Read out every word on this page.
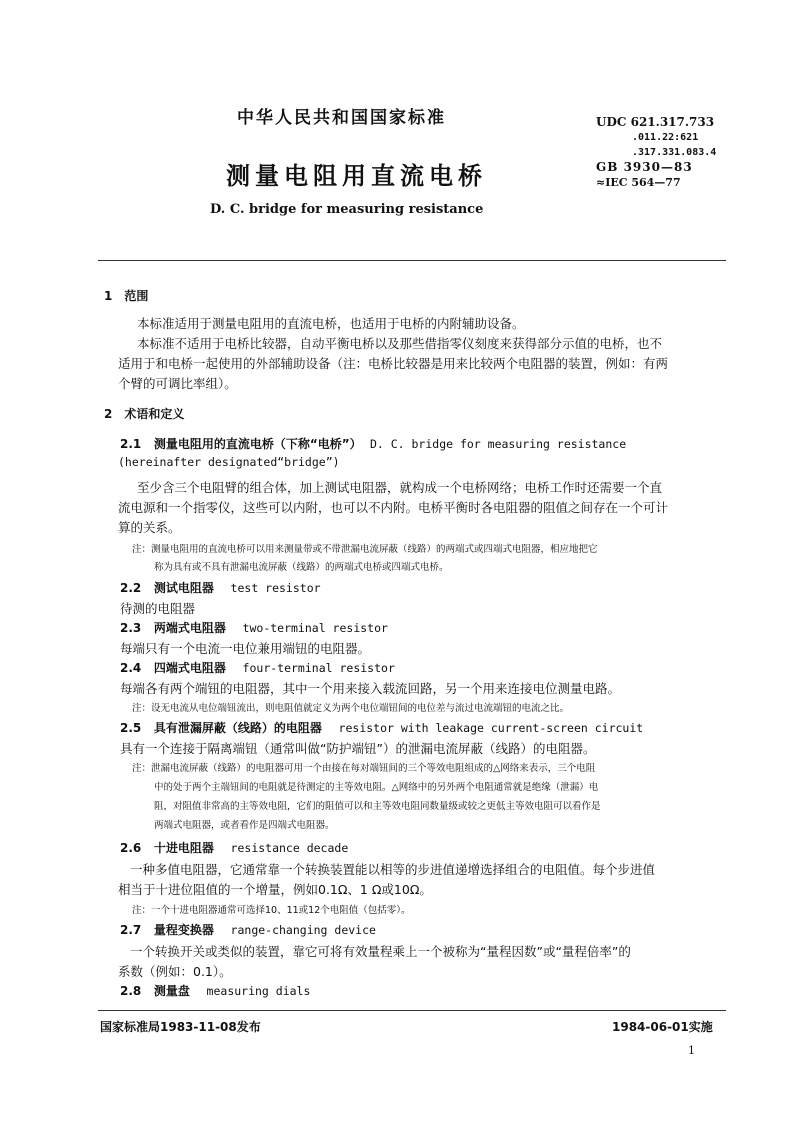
中华人民共和国国家标准
测量电阻用直流电桥
D. C. bridge for measuring resistance
UDC 621.317.733
.011.22:621
.317.331.083.4
GB 3930—83
≈IEC 564—77
1　范围
本标准适用于测量电阻用的直流电桥，也适用于电桥的内附辅助设备。
本标准不适用于电桥比较器，自动平衡电桥以及那些借指零仪刻度来获得部分示值的电桥，也不
适用于和电桥一起使用的外部辅助设备（注：电桥比较器是用来比较两个电阻器的装置，例如：有两
个臂的可调比率组）。
2　术语和定义
2.1 测量电阻用的直流电桥（下称“电桥”） D. C. bridge for measuring resistance
(hereinafter designated“bridge”)
至少含三个电阻臂的组合体，加上测试电阻器，就构成一个电桥网络；电桥工作时还需要一个直
流电源和一个指零仪，这些可以内附，也可以不内附。电桥平衡时各电阻器的阻值之间存在一个可计
算的关系。
注：测量电阻用的直流电桥可以用来测量带或不带泄漏电流屏蔽（线路）的两端式或四端式电阻器，相应地把它
称为具有或不具有泄漏电流屏蔽（线路）的两端式电桥或四端式电桥。
2.2 测试电阻器 test resistor
待测的电阻器
2.3 两端式电阻器 two-terminal resistor
每端只有一个电流一电位兼用端钮的电阻器。
2.4 四端式电阻器 four-terminal resistor
每端各有两个端钮的电阻器，其中一个用来接入载流回路，另一个用来连接电位测量电路。
注：设无电流从电位端钮流出，则电阻值就定义为两个电位端钮间的电位差与流过电流端钮的电流之比。
2.5 具有泄漏屏蔽（线路）的电阻器 resistor with leakage current-screen circuit
具有一个连接于隔离端钮（通常叫做“防护端钮”）的泄漏电流屏蔽（线路）的电阻器。
注：泄漏电流屏蔽（线路）的电阻器可用一个由接在每对端钮间的三个等效电阻组成的△网络来表示，三个电阻
中的处于两个主端钮间的电阻就是待测定的主等效电阻。△网络中的另外两个电阻通常就是绝缘（泄漏）电
阻，对阻值非常高的主等效电阻，它们的阻值可以和主等效电阻同数量级或较之更低主等效电阻可以看作是
两端式电阻器，或者看作是四端式电阻器。
2.6 十进电阻器 resistance decade
一种多值电阻器，它通常靠一个转换装置能以相等的步进值递增选择组合的电阻值。每个步进值
相当于十进位阻值的一个增量，例如0.1Ω、1 Ω或10Ω。
注：一个十进电阻器通常可选择10、11或12个电阻值（包括零）。
2.7 量程变换器 range-changing device
一个转换开关或类似的装置，靠它可将有效量程乘上一个被称为“量程因数”或“量程倍率”的
系数（例如：0.1）。
2.8 测量盘 measuring dials
国家标准局1983-11-08发布	1984-06-01实施
1
